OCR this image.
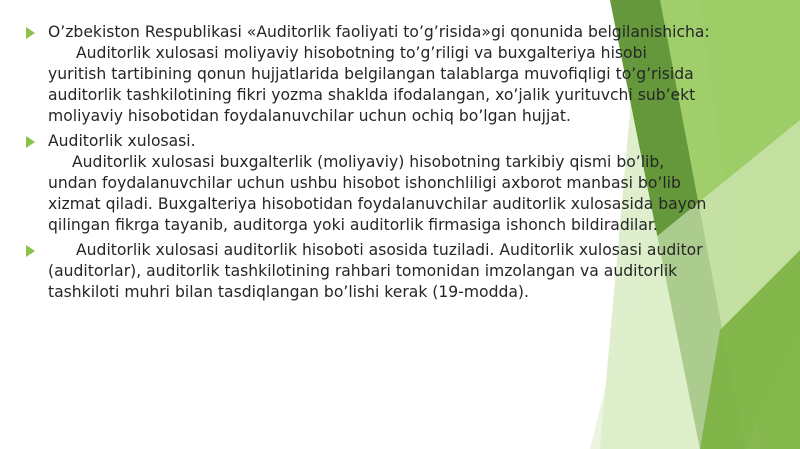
O’zbekiston Respublikasi «Auditorlik faoliyati to’g’risida»gi qonunida belgilanishicha:
Auditorlik xulosasi moliyaviy hisobotning to’g’riligi va buxgalteriya hisobi yuritish tartibining qonun hujjatlarida belgilangan talablarga muvofiqligi to’g’risida auditorlik tashkilotining fikri yozma shaklda ifodalangan, xo’jalik yurituvchi sub’ekt moliyaviy hisobotidan foydalanuvchilar uchun ochiq bo’lgan hujjat.
Auditorlik xulosasi.
Auditorlik xulosasi buxgalterlik (moliyaviy) hisobotning tarkibiy qismi bo’lib, undan foydalanuvchilar uchun ushbu hisobot ishonchliligi axborot manbasi bo’lib xizmat qiladi. Buxgalteriya hisobotidan foydalanuvchilar auditorlik xulosasida bayon qilingan fikrga tayanib, auditorga yoki auditorlik firmasiga ishonch bildiradilar.
Auditorlik xulosasi auditorlik hisoboti asosida tuziladi. Auditorlik xulosasi auditor (auditorlar), auditorlik tashkilotining rahbari tomonidan imzolangan va auditorlik tashkiloti muhri bilan tasdiqlangan bo’lishi kerak (19-modda).
